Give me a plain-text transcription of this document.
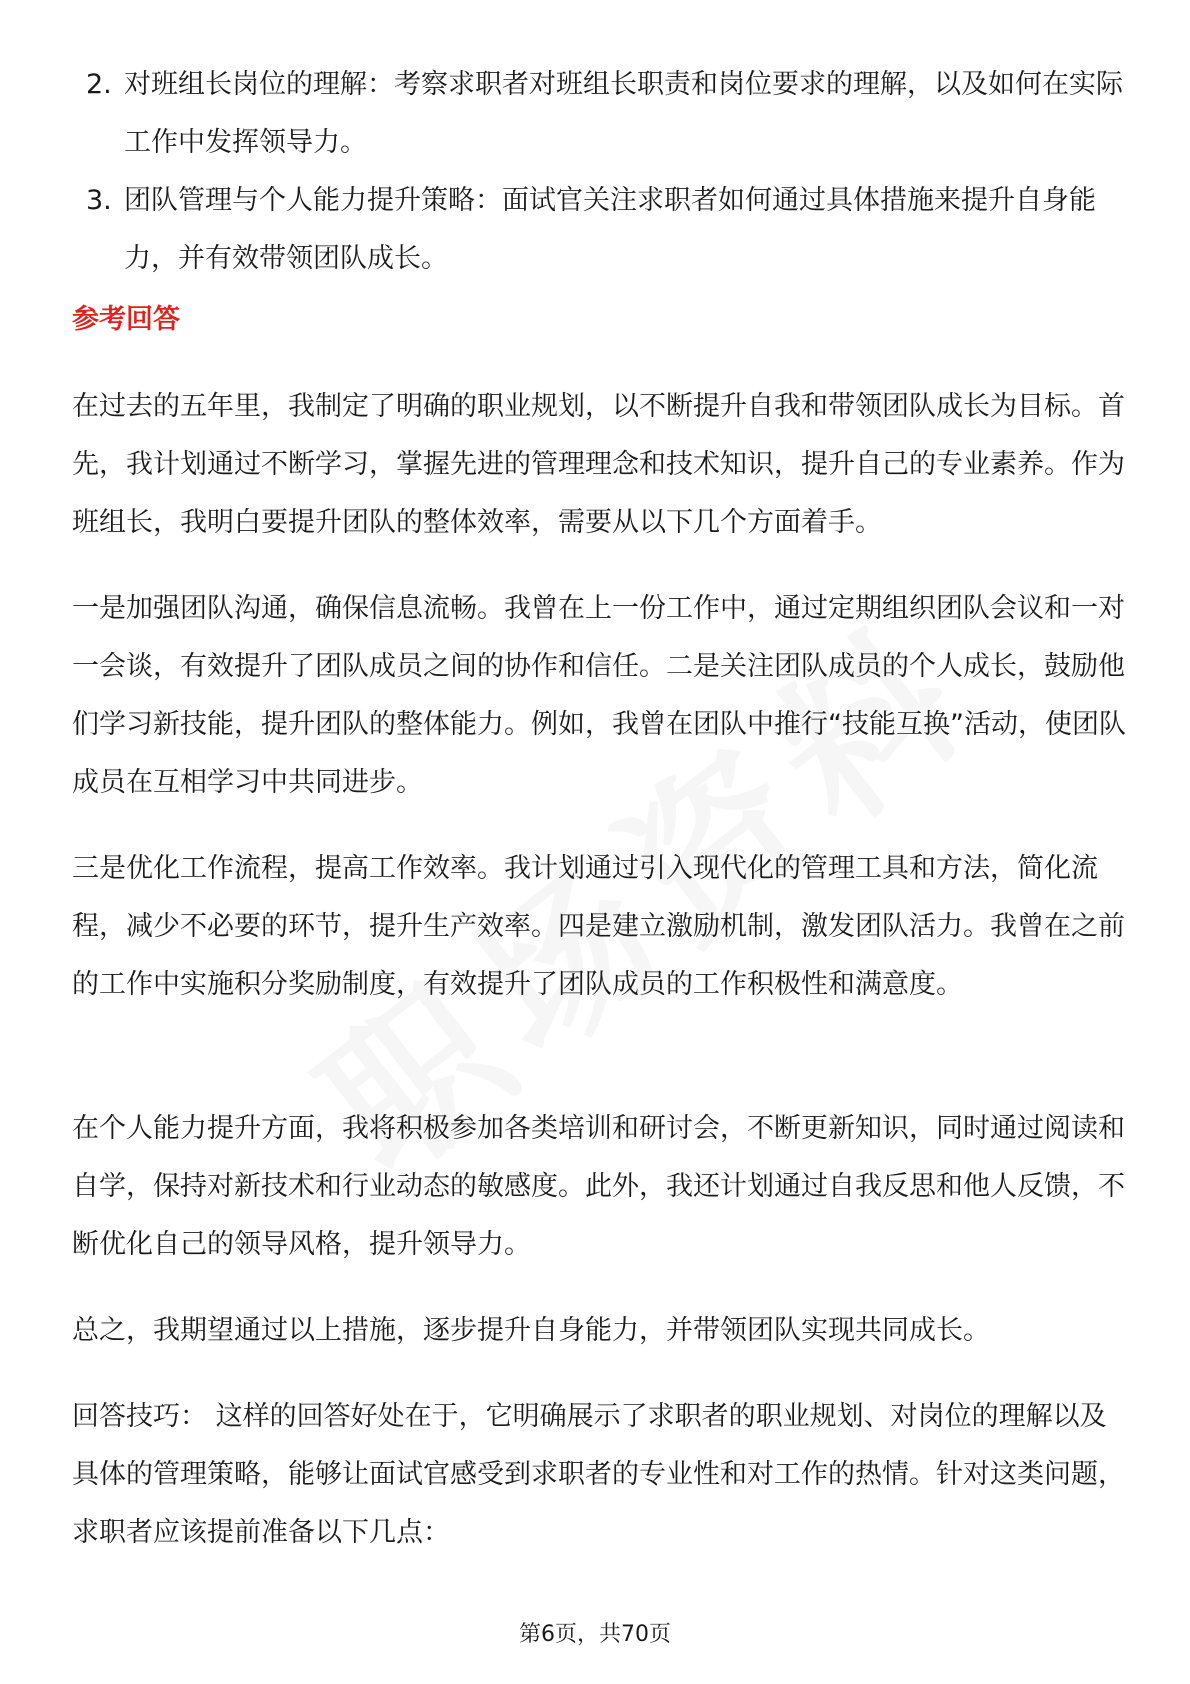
2. 对班组长岗位的理解：考察求职者对班组长职责和岗位要求的理解，以及如何在实际工作中发挥领导力。
3. 团队管理与个人能力提升策略：面试官关注求职者如何通过具体措施来提升自身能力，并有效带领团队成长。
参考回答

在过去的五年里，我制定了明确的职业规划，以不断提升自我和带领团队成长为目标。首先，我计划通过不断学习，掌握先进的管理理念和技术知识，提升自己的专业素养。作为班组长，我明白要提升团队的整体效率，需要从以下几个方面着手。

一是加强团队沟通，确保信息流畅。我曾在上一份工作中，通过定期组织团队会议和一对一会谈，有效提升了团队成员之间的协作和信任。二是关注团队成员的个人成长，鼓励他们学习新技能，提升团队的整体能力。例如，我曾在团队中推行“技能互换”活动，使团队成员在互相学习中共同进步。

三是优化工作流程，提高工作效率。我计划通过引入现代化的管理工具和方法，简化流程，减少不必要的环节，提升生产效率。四是建立激励机制，激发团队活力。我曾在之前的工作中实施积分奖励制度，有效提升了团队成员的工作积极性和满意度。

在个人能力提升方面，我将积极参加各类培训和研讨会，不断更新知识，同时通过阅读和自学，保持对新技术和行业动态的敏感度。此外，我还计划通过自我反思和他人反馈，不断优化自己的领导风格，提升领导力。

总之，我期望通过以上措施，逐步提升自身能力，并带领团队实现共同成长。

回答技巧： 这样的回答好处在于，它明确展示了求职者的职业规划、对岗位的理解以及具体的管理策略，能够让面试官感受到求职者的专业性和对工作的热情。针对这类问题，求职者应该提前准备以下几点：

第6页，共70页
